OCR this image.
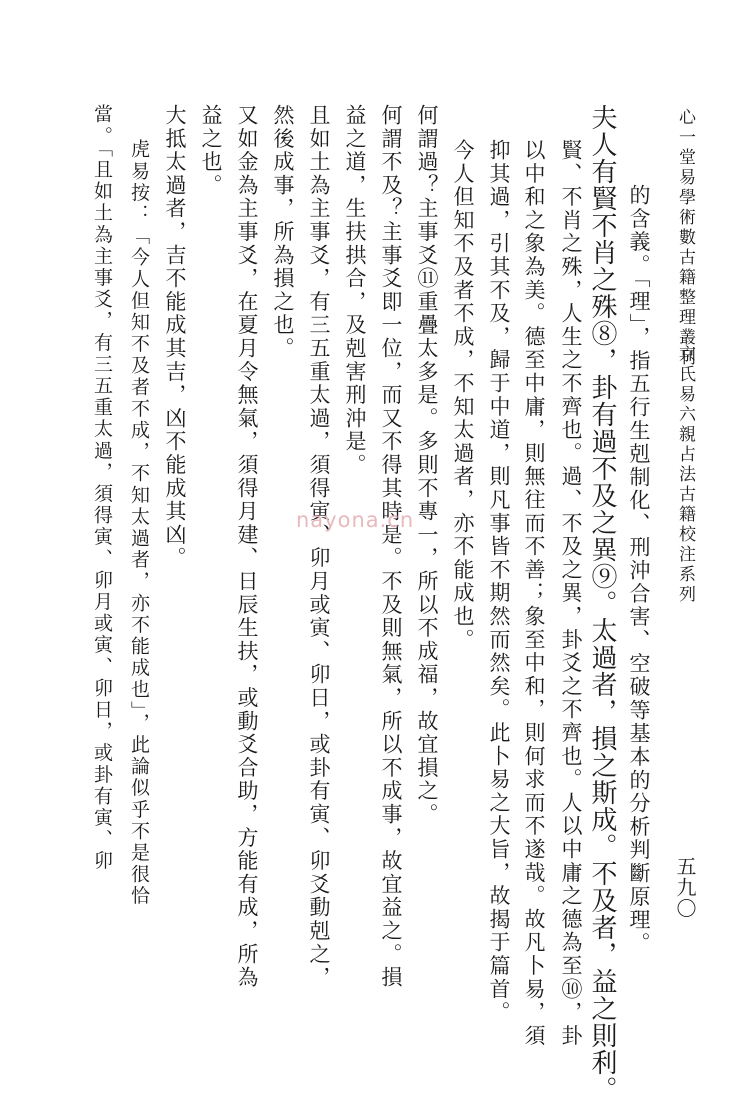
心一堂易學術數古籍整理叢刊
京氏易六親占法古籍校注系列
的含義。「理」，指五行生剋制化、刑沖合害、空破等基本的分析判斷原理。
夫人有賢不肖之殊⑧，卦有過不及之異⑨。太過者，損之斯成。不及者，益之則利。
賢、不肖之殊，人生之不齊也。過、不及之異，卦爻之不齊也。人以中庸之德為至⑩，卦
以中和之象為美。德至中庸，則無往而不善；象至中和，則何求而不遂哉。故凡卜易，須
抑其過，引其不及，歸于中道，則凡事皆不期然而然矣。此卜易之大旨，故揭于篇首。
今人但知不及者不成，不知太過者，亦不能成也。
何謂過？主事爻⑪重疊太多是。多則不專一，所以不成福，故宜損之。
何謂不及？主事爻即一位，而又不得其時是。不及則無氣，所以不成事，故宜益之。損
益之道，生扶拱合，及剋害刑沖是。
且如土為主事爻，有三五重太過，須得寅、卯月或寅、卯日，或卦有寅、卯爻動剋之，
然後成事，所為損之也。
又如金為主事爻，在夏月令無氣，須得月建、日辰生扶，或動爻合助，方能有成，所為
益之也。
大抵太過者，吉不能成其吉，凶不能成其凶。
虎易按：「今人但知不及者不成，不知太過者，亦不能成也」，此論似乎不是很恰
當。「且如土為主事爻，有三五重太過，須得寅、卯月或寅、卯日，或卦有寅、卯
五九〇
nayona.cn
